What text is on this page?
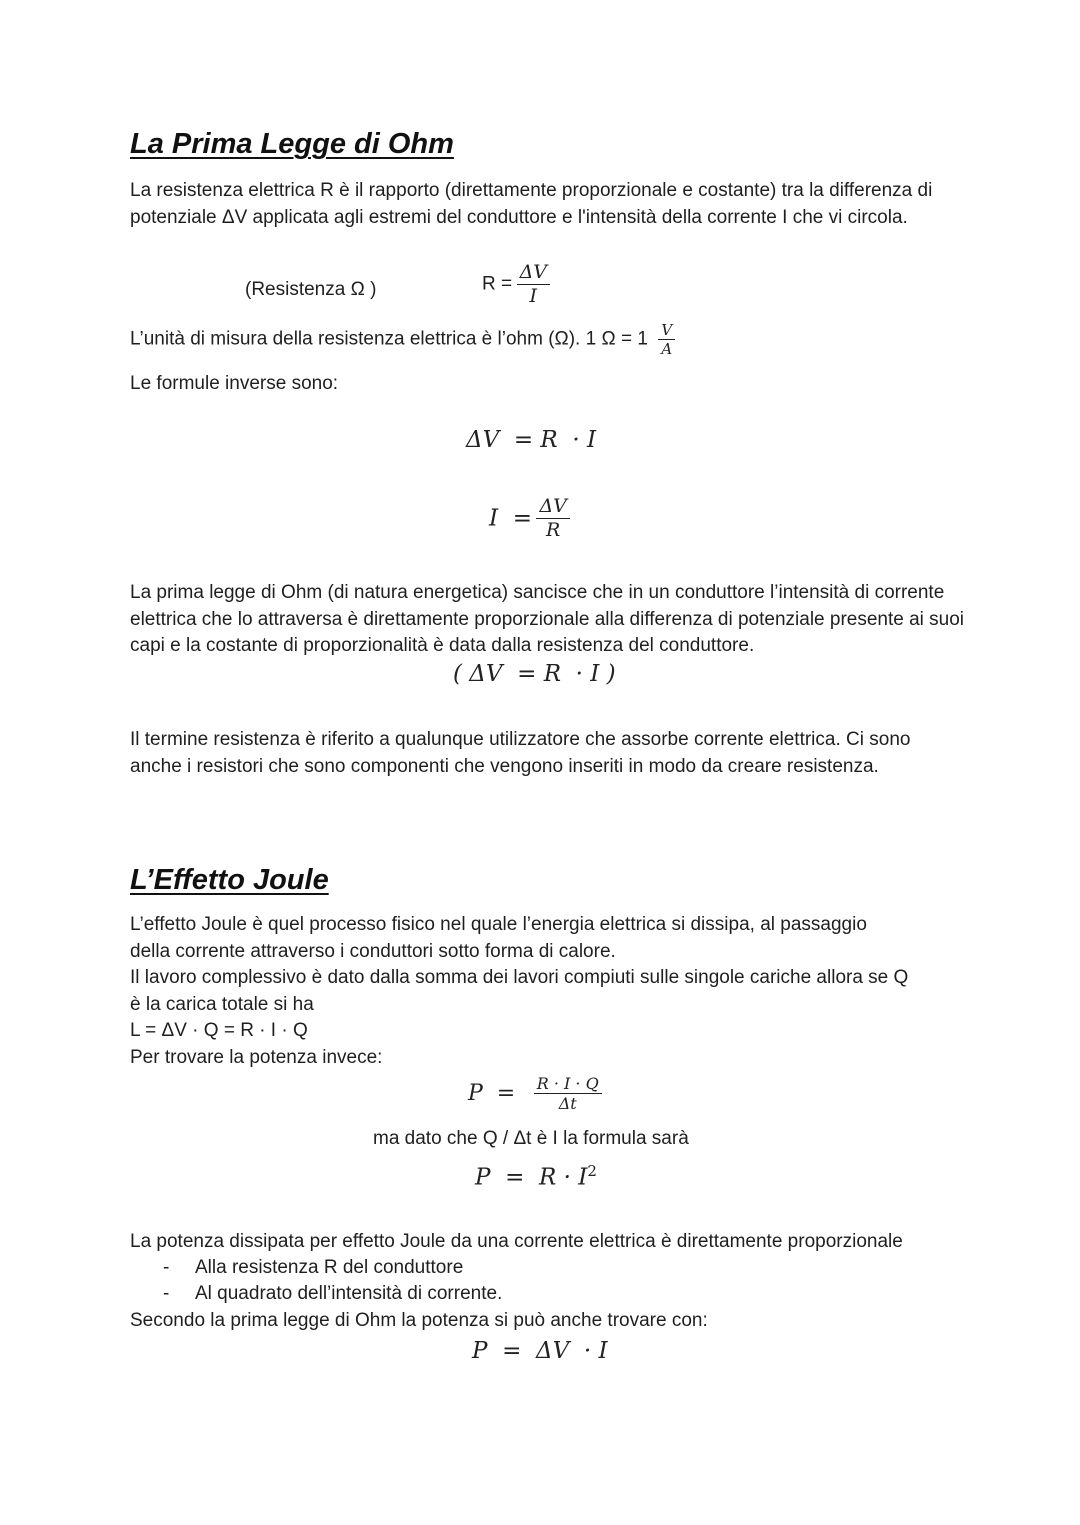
La Prima Legge di Ohm

La resistenza elettrica R è il rapporto (direttamente proporzionale e costante) tra la differenza di potenziale ΔV applicata agli estremi del conduttore e l'intensità della corrente I che vi circola.

(Resistenza Ω )	$R = \frac{\Delta V}{I}$
L’unità di misura della resistenza elettrica è l’ohm (Ω). 1 $\Omega = 1 \frac{V}{A}$
Le formule inverse sono:
ΔV  = R  · I
$I = \frac{\Delta V}{R}$

La prima legge di Ohm (di natura energetica) sancisce che in un conduttore l’intensità di corrente elettrica che lo attraversa è direttamente proporzionale alla differenza di potenziale presente ai suoi capi e la costante di proporzionalità è data dalla resistenza del conduttore.

( ΔV  = R  · I )

Il termine resistenza è riferito a qualunque utilizzatore che assorbe corrente elettrica. Ci sono anche i resistori che sono componenti che vengono inseriti in modo da creare resistenza.

L’Effetto Joule
L’effetto Joule è quel processo fisico nel quale l’energia elettrica si dissipa, al passaggio
della corrente attraverso i conduttori sotto forma di calore.
Il lavoro complessivo è dato dalla somma dei lavori compiuti sulle singole cariche allora se Q
è la carica totale si ha
L = ΔV · Q = R · I · Q
Per trovare la potenza invece:
$P = \frac{R \cdot I \cdot Q}{\Delta t}$
ma dato che Q / Δt è I la formula sarà
$P = R \cdot I^2$
La potenza dissipata per effetto Joule da una corrente elettrica è direttamente proporzionale
- Alla resistenza R del conduttore
- Al quadrato dell’intensità di corrente.
Secondo la prima legge di Ohm la potenza si può anche trovare con:
P  =  ΔV  · I
